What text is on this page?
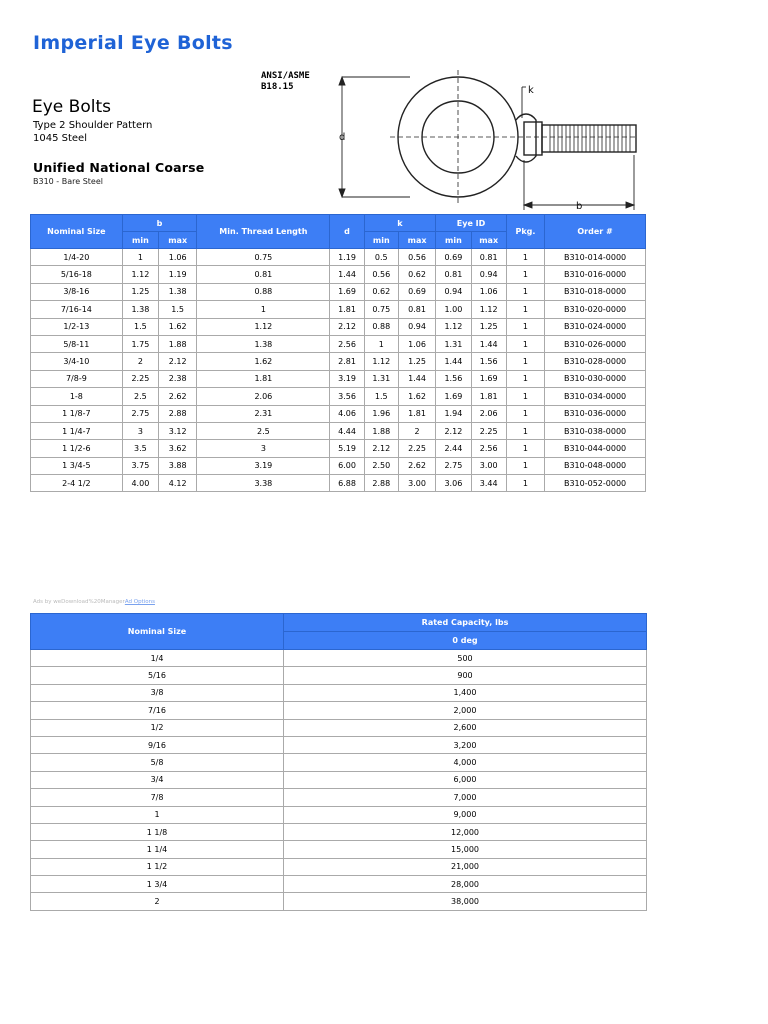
Imperial Eye Bolts
ANSI/ASME
B18.15
Eye Bolts
Type 2 Shoulder Pattern
1045 Steel
Unified National Coarse
B310 - Bare Steel
k
d
b
Nominal Size	b		Min. Thread Length	d	k		Eye ID		Pkg.	Order #
	min	max			min	max	min	max		
1/4-20	1	1.06	0.75	1.19	0.5	0.56	0.69	0.81	1	B310-014-0000
5/16-18	1.12	1.19	0.81	1.44	0.56	0.62	0.81	0.94	1	B310-016-0000
3/8-16	1.25	1.38	0.88	1.69	0.62	0.69	0.94	1.06	1	B310-018-0000
7/16-14	1.38	1.5	1	1.81	0.75	0.81	1.00	1.12	1	B310-020-0000
1/2-13	1.5	1.62	1.12	2.12	0.88	0.94	1.12	1.25	1	B310-024-0000
5/8-11	1.75	1.88	1.38	2.56	1	1.06	1.31	1.44	1	B310-026-0000
3/4-10	2	2.12	1.62	2.81	1.12	1.25	1.44	1.56	1	B310-028-0000
7/8-9	2.25	2.38	1.81	3.19	1.31	1.44	1.56	1.69	1	B310-030-0000
1-8	2.5	2.62	2.06	3.56	1.5	1.62	1.69	1.81	1	B310-034-0000
1 1/8-7	2.75	2.88	2.31	4.06	1.96	1.81	1.94	2.06	1	B310-036-0000
1 1/4-7	3	3.12	2.5	4.44	1.88	2	2.12	2.25	1	B310-038-0000
1 1/2-6	3.5	3.62	3	5.19	2.12	2.25	2.44	2.56	1	B310-044-0000
1 3/4-5	3.75	3.88	3.19	6.00	2.50	2.62	2.75	3.00	1	B310-048-0000
2-4 1/2	4.00	4.12	3.38	6.88	2.88	3.00	3.06	3.44	1	B310-052-0000
Ads by weDownload%20ManagerAd Options
Nominal Size	Rated Capacity, lbs
	0 deg
1/4	500
5/16	900
3/8	1,400
7/16	2,000
1/2	2,600
9/16	3,200
5/8	4,000
3/4	6,000
7/8	7,000
1	9,000
1 1/8	12,000
1 1/4	15,000
1 1/2	21,000
1 3/4	28,000
2	38,000
